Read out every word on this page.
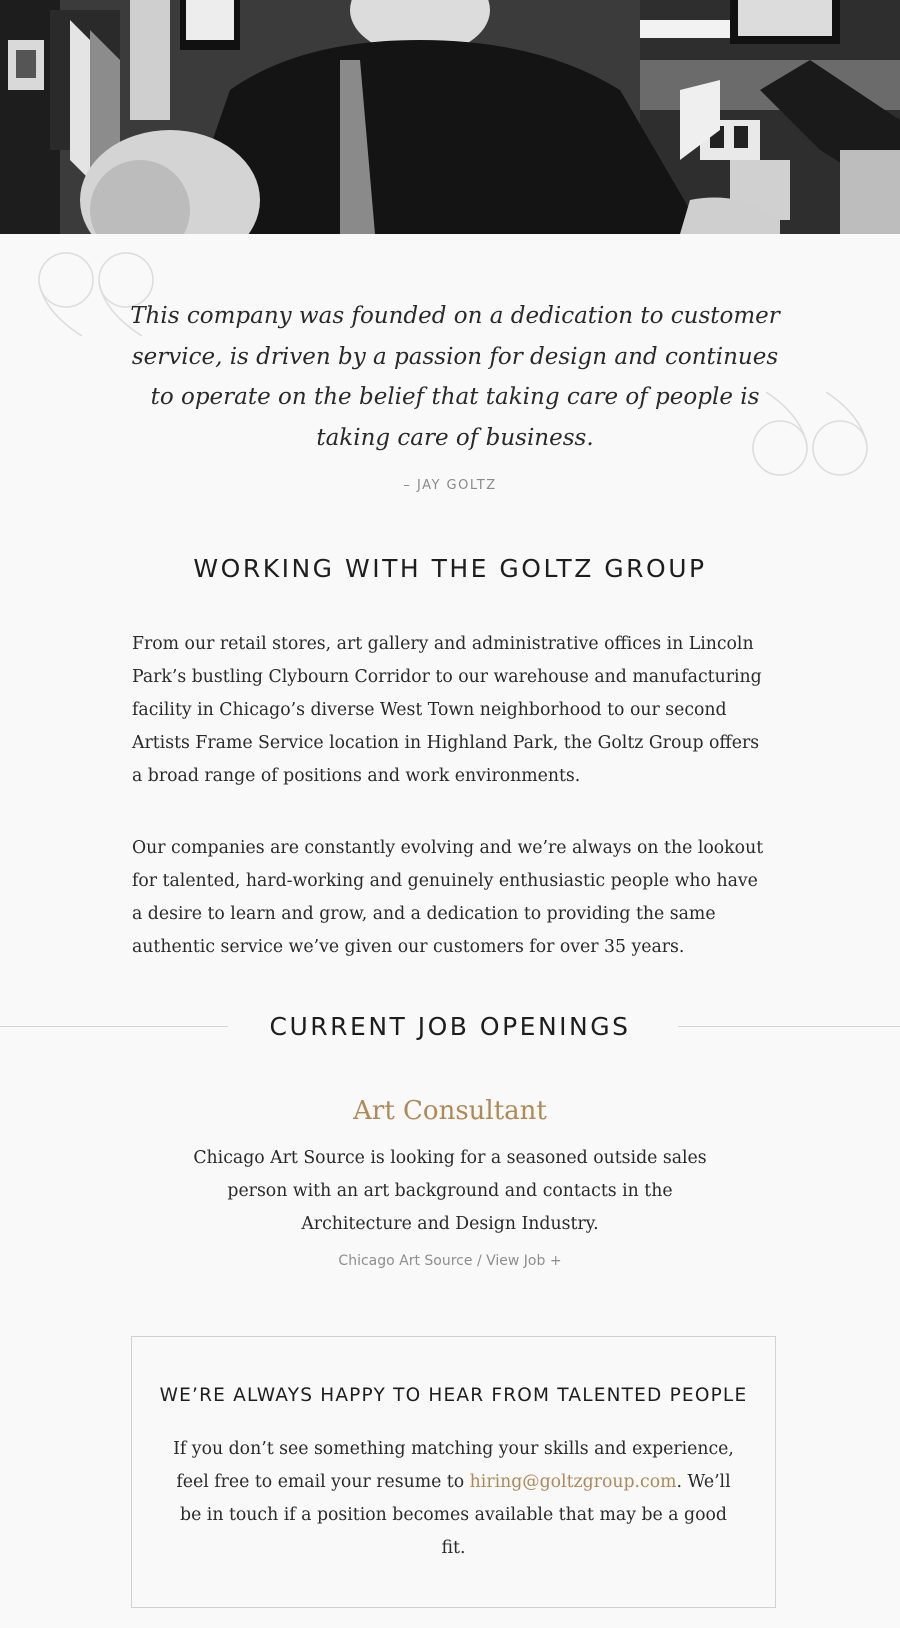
This company was founded on a dedication to customer service, is driven by a passion for design and continues to operate on the belief that taking care of people is taking care of business.

– JAY GOLTZ

WORKING WITH THE GOLTZ GROUP

From our retail stores, art gallery and administrative offices in Lincoln Park’s bustling Clybourn Corridor to our warehouse and manufacturing facility in Chicago’s diverse West Town neighborhood to our second Artists Frame Service location in Highland Park, the Goltz Group offers a broad range of positions and work environments.

Our companies are constantly evolving and we’re always on the lookout for talented, hard-working and genuinely enthusiastic people who have a desire to learn and grow, and a dedication to providing the same authentic service we’ve given our customers for over 35 years.

CURRENT JOB OPENINGS
Art Consultant

Chicago Art Source is looking for a seasoned outside sales person with an art background and contacts in the Architecture and Design Industry.

Chicago Art Source / View Job +
WE’RE ALWAYS HAPPY TO HEAR FROM TALENTED PEOPLE

If you don’t see something matching your skills and experience, feel free to email your resume to hiring@goltzgroup.com. We’ll be in touch if a position becomes available that may be a good fit.
